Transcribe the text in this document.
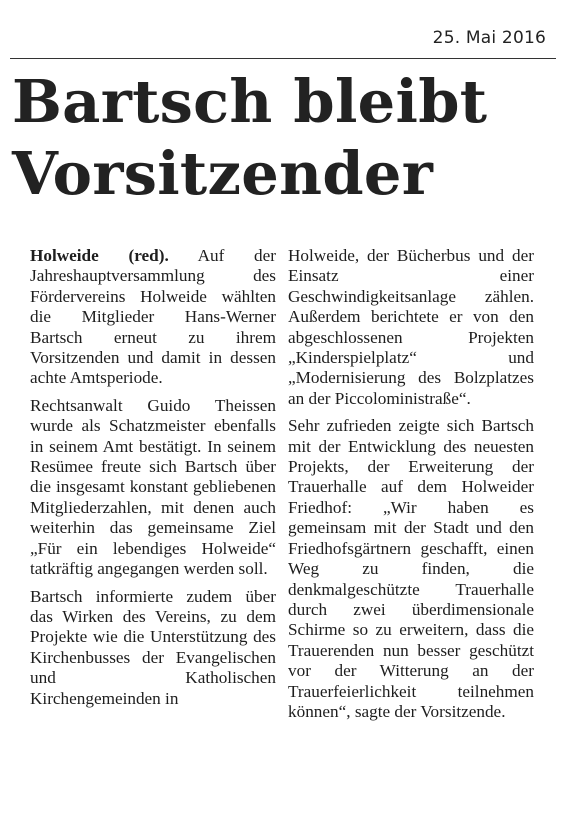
25. Mai 2016
Bartsch bleibt Vorsitzender

Holweide (red). Auf der Jahreshauptversammlung des Fördervereins Holweide wählten die Mitglieder Hans-Werner Bartsch erneut zu ihrem Vorsitzenden und damit in dessen achte Amtsperiode.

Rechtsanwalt Guido Theissen wurde als Schatzmeister ebenfalls in seinem Amt bestätigt. In seinem Resümee freute sich Bartsch über die insgesamt konstant gebliebenen Mitgliederzahlen, mit denen auch weiterhin das gemeinsame Ziel „Für ein lebendiges Holweide“ tatkräftig angegangen werden soll.

Bartsch informierte zudem über das Wirken des Vereins, zu dem Projekte wie die Unterstützung des Kirchenbusses der Evangelischen und Katholischen Kirchengemeinden in

Holweide, der Bücherbus und der Einsatz einer Geschwindigkeitsanlage zählen. Außerdem berichtete er von den abgeschlossenen Projekten „Kinderspielplatz“ und „Modernisierung des Bolzplatzes an der Piccoloministraße“.

Sehr zufrieden zeigte sich Bartsch mit der Entwicklung des neuesten Projekts, der Erweiterung der Trauerhalle auf dem Holweider Friedhof: „Wir haben es gemeinsam mit der Stadt und den Friedhofsgärtnern geschafft, einen Weg zu finden, die denkmalgeschützte Trauerhalle durch zwei überdimensionale Schirme so zu erweitern, dass die Trauerenden nun besser geschützt vor der Witterung an der Trauerfeierlichkeit teilnehmen können“, sagte der Vorsitzende.
